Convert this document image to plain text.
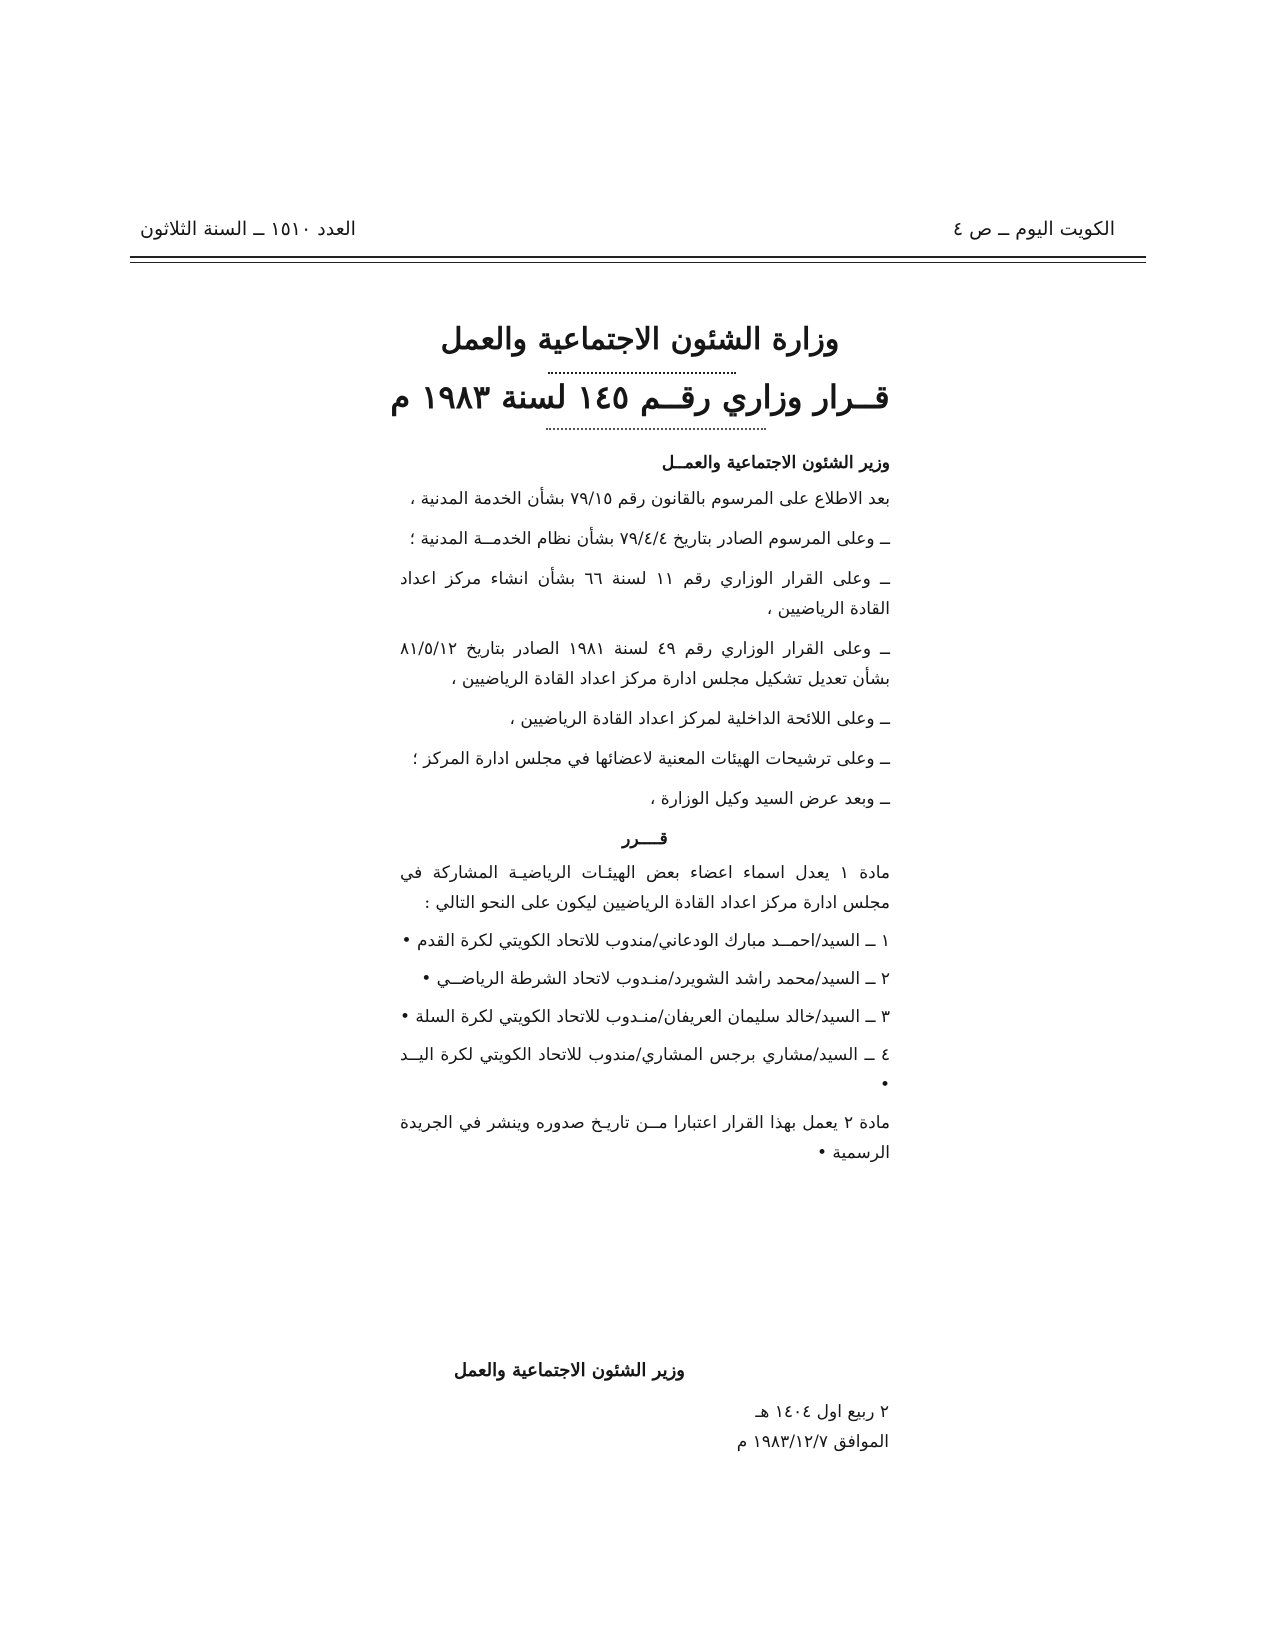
الكويت اليوم ــ ص ٤
العدد ١٥١٠ ــ السنة الثلاثون
وزارة الشئون الاجتماعية والعمل
قــرار وزاري رقــم ١٤٥ لسنة ١٩٨٣ م

وزير الشئون الاجتماعية والعمــل

بعد الاطلاع على المرسوم بالقانون رقم ٧٩/١٥ بشأن الخدمة المدنية ،

ــ وعلى المرسوم الصادر بتاريخ ٧٩/٤/٤ بشأن نظام الخدمــة المدنية ؛

ــ وعلى القرار الوزاري رقم ١١ لسنة ٦٦ بشأن انشاء مركز اعداد القادة الرياضيين ،

ــ وعلى القرار الوزاري رقم ٤٩ لسنة ١٩٨١ الصادر بتاريخ ٨١/٥/١٢ بشأن تعديل تشكيل مجلس ادارة مركز اعداد القادة الرياضيين ،

ــ وعلى اللائحة الداخلية لمركز اعداد القادة الرياضيين ،

ــ وعلى ترشيحات الهيئات المعنية لاعضائها في مجلس ادارة المركز ؛

ــ وبعد عرض السيد وكيل الوزارة ،

قــــرر

مادة ١ يعدل اسماء اعضاء بعض الهيئـات الرياضيـة المشاركة في مجلس ادارة مركز اعداد القادة الرياضيين ليكون على النحو التالي :

١ ــ السيد/احمــد مبارك الودعاني/مندوب للاتحاد الكويتي لكرة القدم •

٢ ــ السيد/محمد راشد الشويرد/منـدوب لاتحاد الشرطة الرياضــي •

٣ ــ السيد/خالد سليمان العريفان/منـدوب للاتحاد الكويتي لكرة السلة •

٤ ــ السيد/مشاري برجس المشاري/مندوب للاتحاد الكويتي لكرة اليــد •

مادة ٢ يعمل بهذا القرار اعتبارا مــن تاريـخ صدوره وينشر في الجريدة الرسمية •

وزير الشئون الاجتماعية والعمل
٢ ربيع اول ١٤٠٤ هـ
الموافق ١٩٨٣/١٢/٧ م
